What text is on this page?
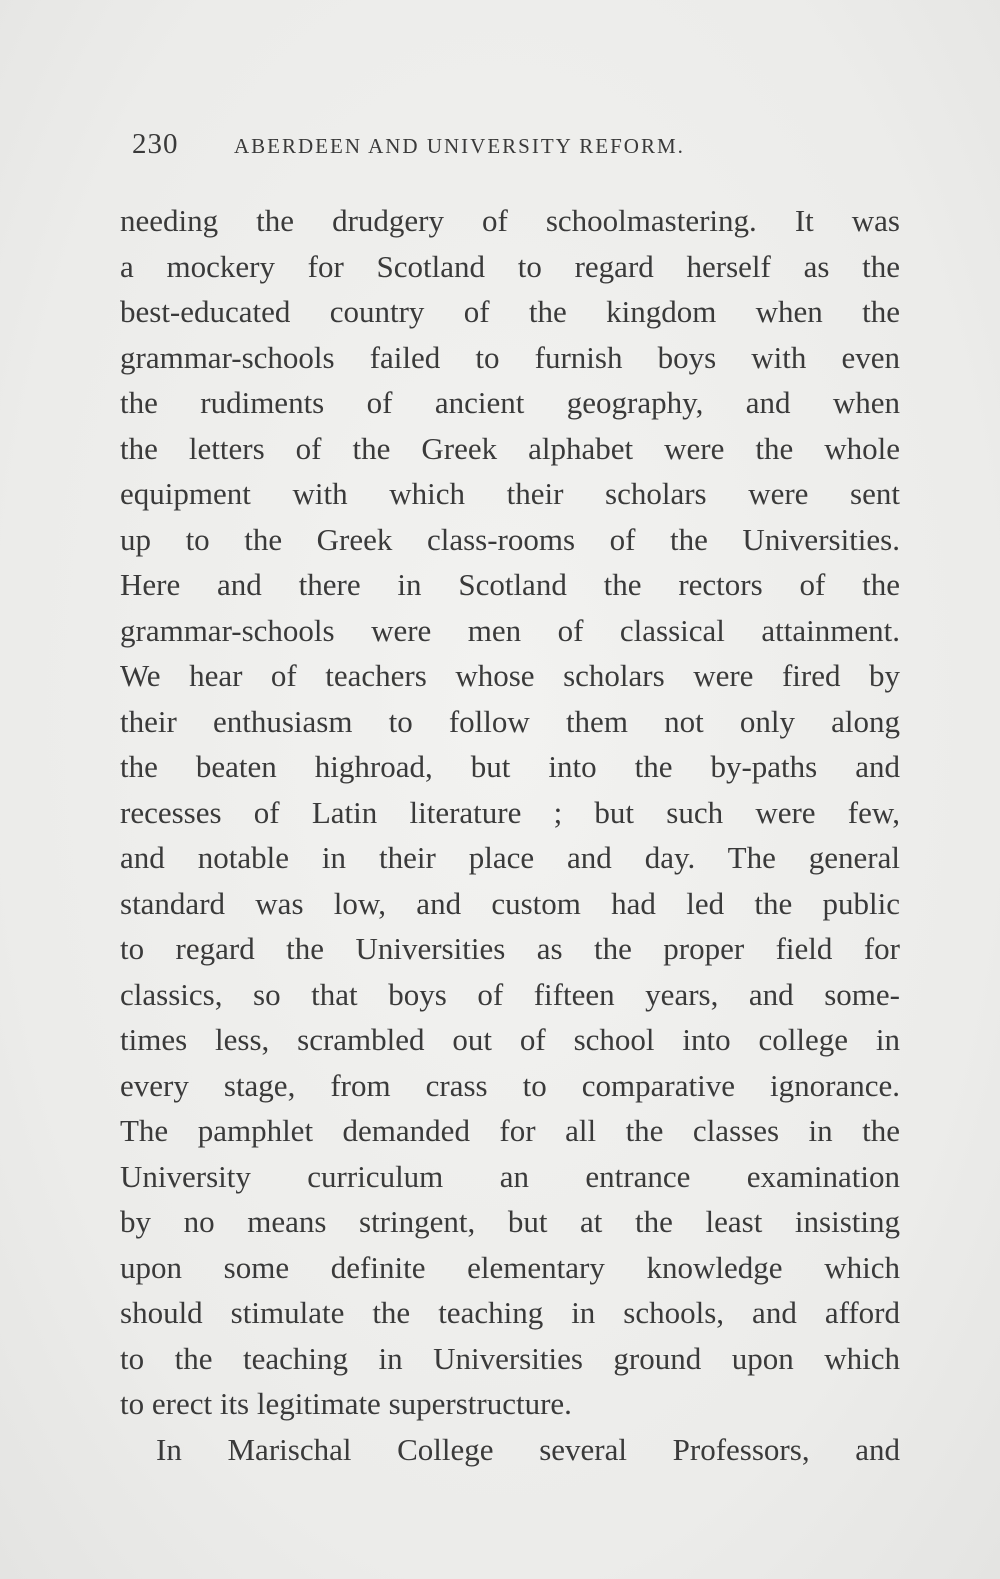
230	ABERDEEN AND UNIVERSITY REFORM.
needing the drudgery of schoolmastering. It was
a mockery for Scotland to regard herself as the
best-educated country of the kingdom when the
grammar-schools failed to furnish boys with even
the rudiments of ancient geography, and when
the letters of the Greek alphabet were the whole
equipment with which their scholars were sent
up to the Greek class-rooms of the Universities.
Here and there in Scotland the rectors of the
grammar-schools were men of classical attainment.
We hear of teachers whose scholars were fired by
their enthusiasm to follow them not only along
the beaten highroad, but into the by-paths and
recesses of Latin literature ; but such were few,
and notable in their place and day. The general
standard was low, and custom had led the public
to regard the Universities as the proper field for
classics, so that boys of fifteen years, and some-
times less, scrambled out of school into college in
every stage, from crass to comparative ignorance.
The pamphlet demanded for all the classes in the
University curriculum an entrance examination
by no means stringent, but at the least insisting
upon some definite elementary knowledge which
should stimulate the teaching in schools, and afford
to the teaching in Universities ground upon which
to erect its legitimate superstructure.
In Marischal College several Professors, and
